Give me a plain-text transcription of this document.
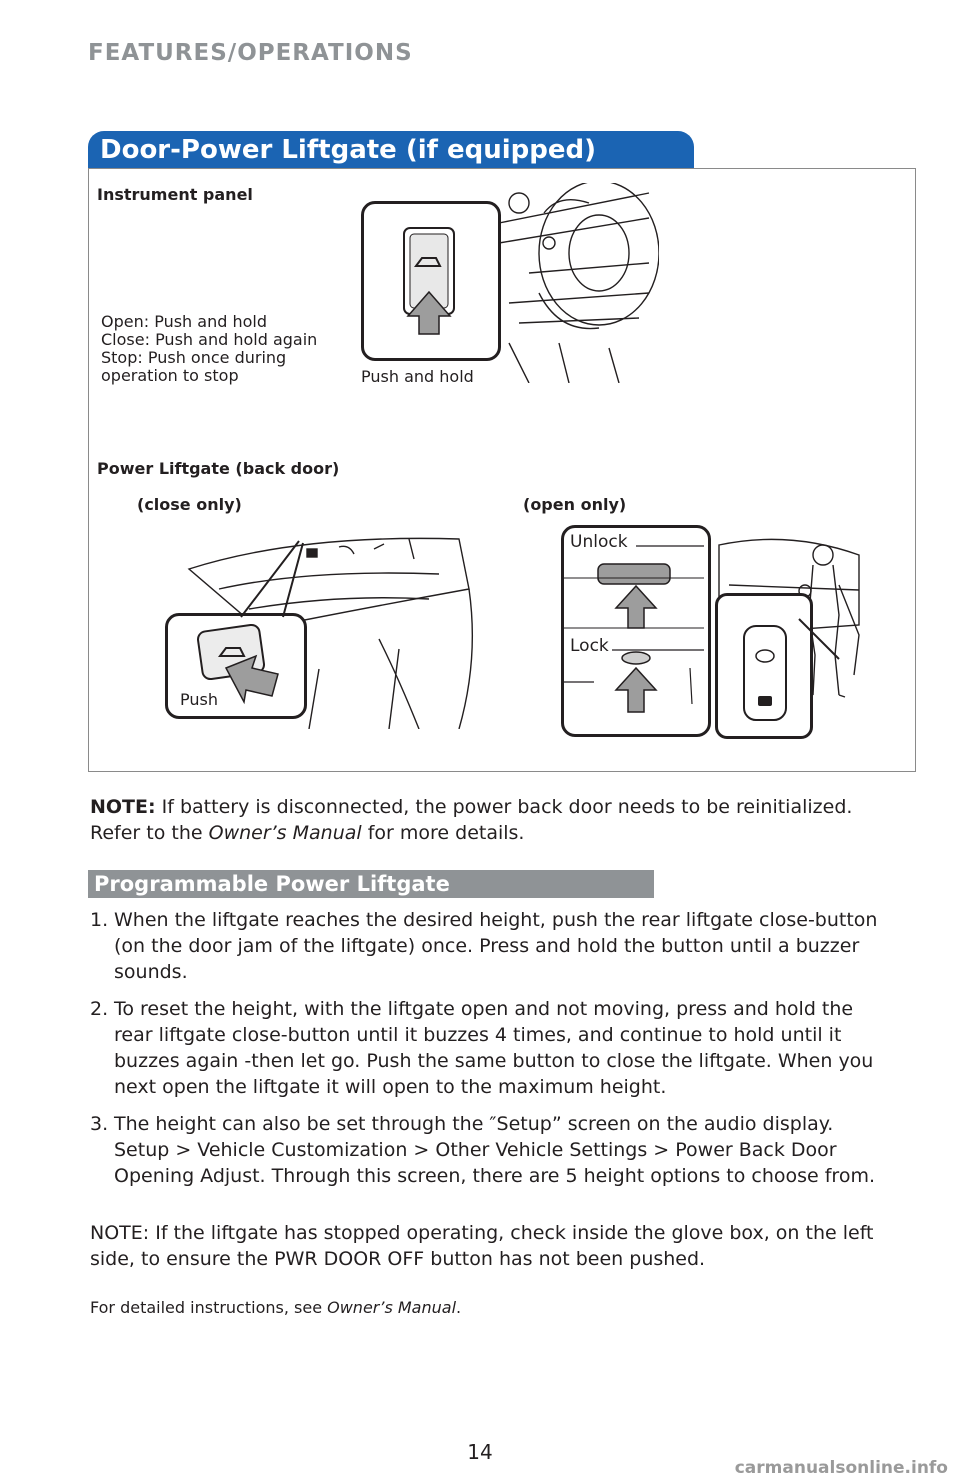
FEATURES/OPERATIONS
Door-Power Liftgate (if equipped)
Instrument panel
Open: Push and hold
Close: Push and hold again
Stop: Push once during
operation to stop	Push and hold
Power Liftgate (back door)
(close only)	(open only)
Push
Unlock
Lock
NOTE: If battery is disconnected, the power back door needs to be reinitialized.
Refer to the Owner’s Manual for more details.
Programmable Power Liftgate
1. When the liftgate reaches the desired height, push the rear liftgate close-button (on the door jam of the liftgate) once. Press and hold the button until a buzzer sounds.
2. To reset the height, with the liftgate open and not moving, press and hold the rear liftgate close-button until it buzzes 4 times, and continue to hold until it buzzes again -then let go. Push the same button to close the liftgate. When you next open the liftgate it will open to the maximum height.
3. The height can also be set through the ″Setup” screen on the audio display. Setup > Vehicle Customization > Other Vehicle Settings > Power Back Door Opening Adjust. Through this screen, there are 5 height options to choose from.
NOTE: If the liftgate has stopped operating, check inside the glove box, on the left side, to ensure the PWR DOOR OFF button has not been pushed.
For detailed instructions, see Owner’s Manual.
14
carmanualsonline.info
